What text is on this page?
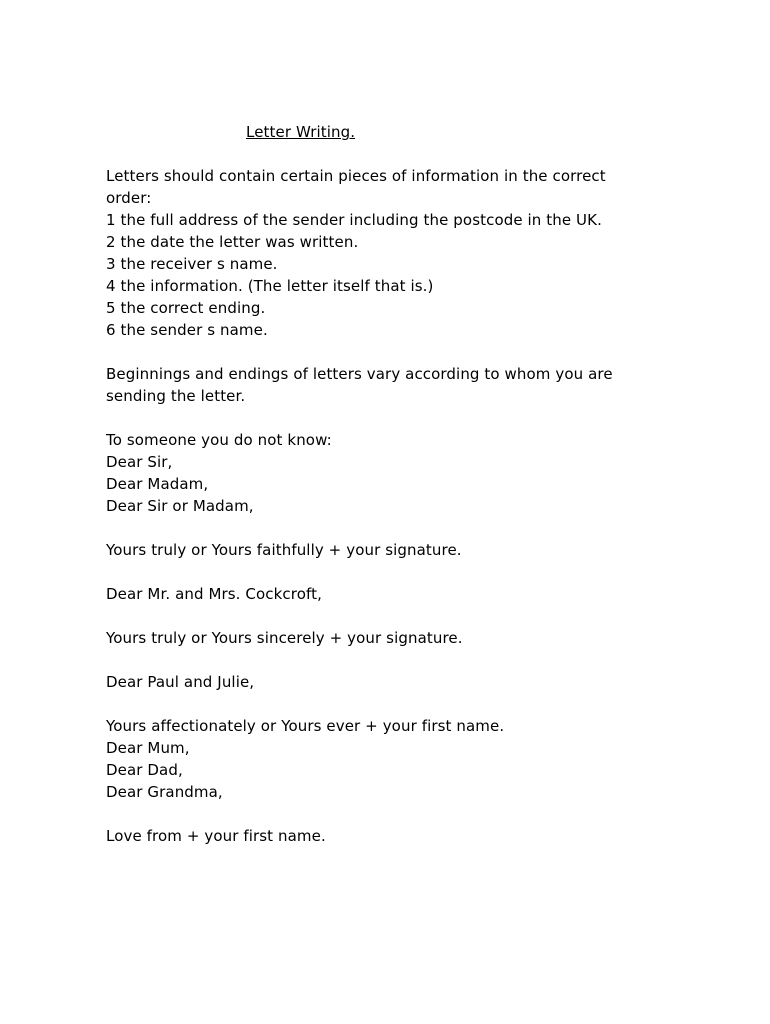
Letter Writing.
Letters should contain certain pieces of information in the correct
order:
1 the full address of the sender including the postcode in the UK.
2 the date the letter was written.
3 the receiver s name.
4 the information. (The letter itself that is.)
5 the correct ending.
6 the sender s name.
Beginnings and endings of letters vary according to whom you are
sending the letter.
To someone you do not know:
Dear Sir,
Dear Madam,
Dear Sir or Madam,
Yours truly or Yours faithfully + your signature.
Dear Mr. and Mrs. Cockcroft,
Yours truly or Yours sincerely + your signature.
Dear Paul and Julie,
Yours affectionately or Yours ever + your first name.
Dear Mum,
Dear Dad,
Dear Grandma,
Love from + your first name.
